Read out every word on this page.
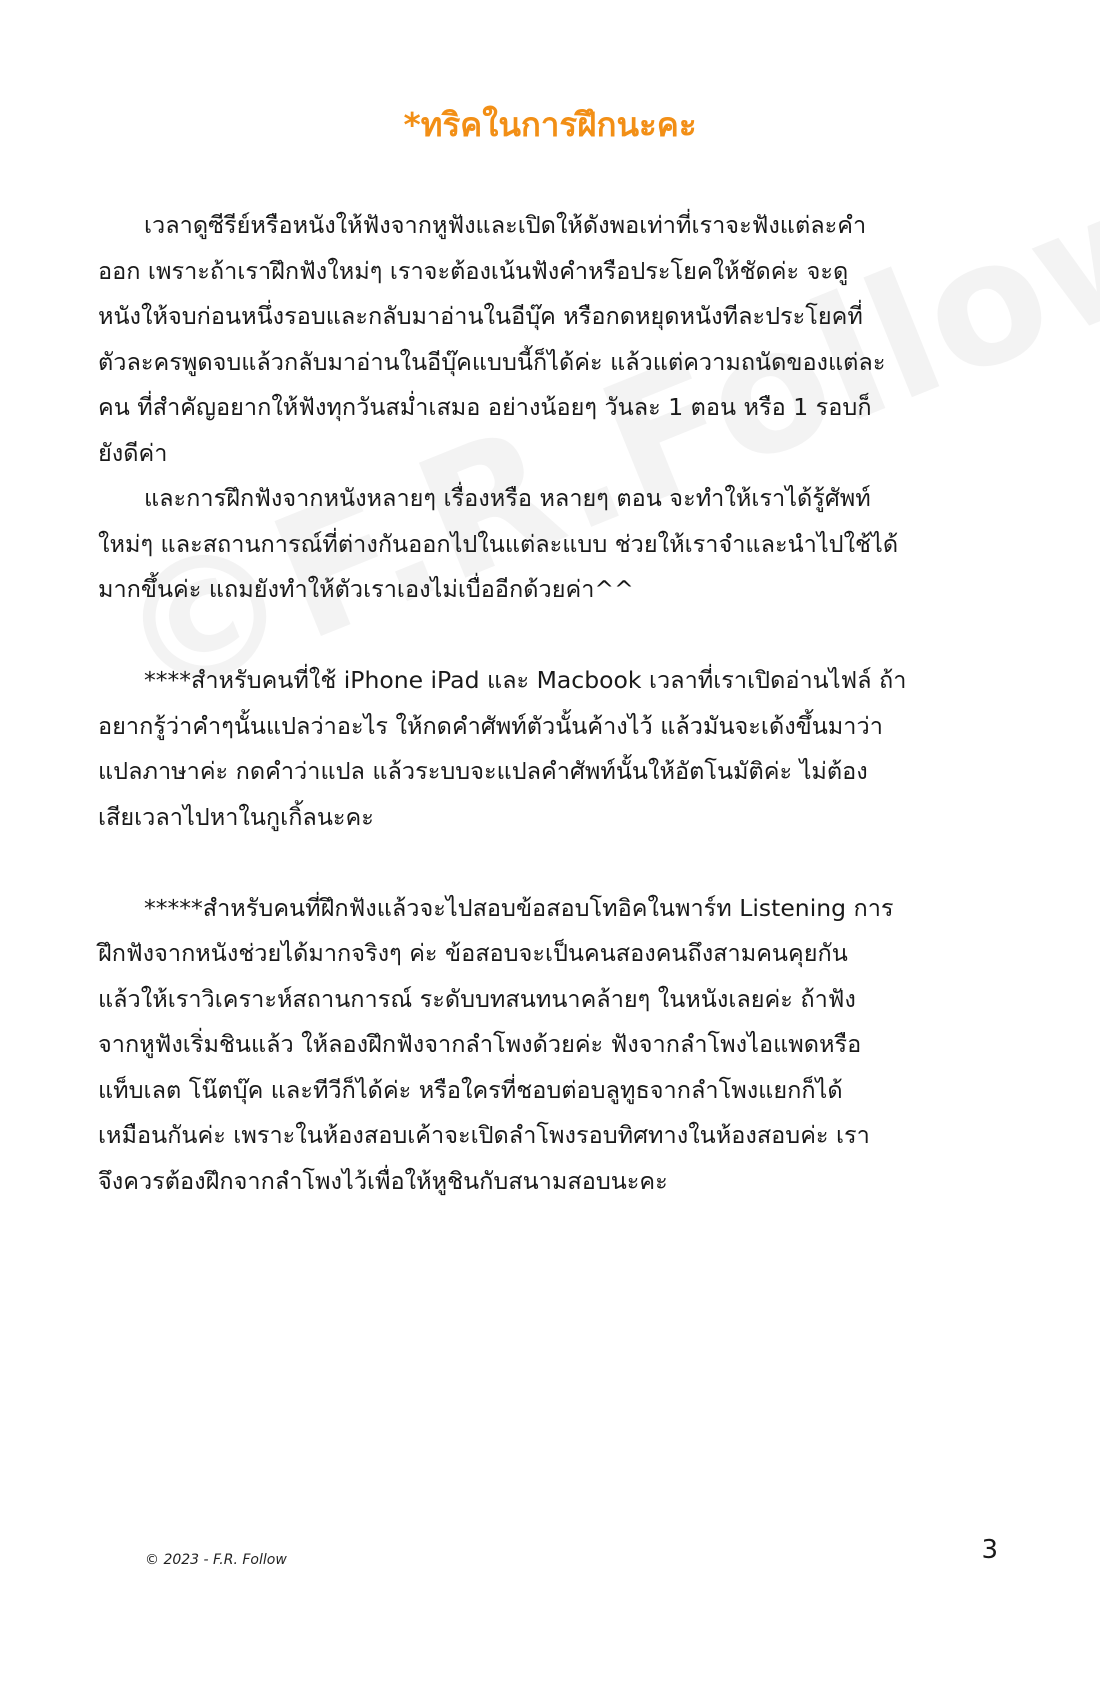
*ทริคในการฝึกนะคะ
เวลาดูซีรีย์หรือหนังให้ฟังจากหูฟังและเปิดให้ดังพอเท่าที่เราจะฟังแต่ละคำ
ออก เพราะถ้าเราฝึกฟังใหม่ๆ เราจะต้องเน้นฟังคำหรือประโยคให้ชัดค่ะ จะดู
หนังให้จบก่อนหนึ่งรอบและกลับมาอ่านในอีบุ๊ค หรือกดหยุดหนังทีละประโยคที่
ตัวละครพูดจบแล้วกลับมาอ่านในอีบุ๊คแบบนี้ก็ได้ค่ะ แล้วแต่ความถนัดของแต่ละ
คน ที่สำคัญอยากให้ฟังทุกวันสม่ำเสมอ อย่างน้อยๆ วันละ 1 ตอน หรือ 1 รอบก็
ยังดีค่า
และการฝึกฟังจากหนังหลายๆ เรื่องหรือ หลายๆ ตอน จะทำให้เราได้รู้ศัพท์
ใหม่ๆ และสถานการณ์ที่ต่างกันออกไปในแต่ละแบบ ช่วยให้เราจำและนำไปใช้ได้
มากขึ้นค่ะ แถมยังทำให้ตัวเราเองไม่เบื่ออีกด้วยค่า^^
****สำหรับคนที่ใช้ iPhone iPad และ Macbook เวลาที่เราเปิดอ่านไฟล์ ถ้า
อยากรู้ว่าคำๆนั้นแปลว่าอะไร ให้กดคำศัพท์ตัวนั้นค้างไว้ แล้วมันจะเด้งขึ้นมาว่า
แปลภาษาค่ะ กดคำว่าแปล แล้วระบบจะแปลคำศัพท์นั้นให้อัตโนมัติค่ะ ไม่ต้อง
เสียเวลาไปหาในกูเกิ้ลนะคะ
*****สำหรับคนที่ฝึกฟังแล้วจะไปสอบข้อสอบโทอิคในพาร์ท Listening การ
ฝึกฟังจากหนังช่วยได้มากจริงๆ ค่ะ ข้อสอบจะเป็นคนสองคนถึงสามคนคุยกัน
แล้วให้เราวิเคราะห์สถานการณ์ ระดับบทสนทนาคล้ายๆ ในหนังเลยค่ะ ถ้าฟัง
จากหูฟังเริ่มชินแล้ว ให้ลองฝึกฟังจากลำโพงด้วยค่ะ ฟังจากลำโพงไอแพดหรือ
แท็บเลต โน๊ตบุ๊ค และทีวีก็ได้ค่ะ หรือใครที่ชอบต่อบลูทูธจากลำโพงแยกก็ได้
เหมือนกันค่ะ เพราะในห้องสอบเค้าจะเปิดลำโพงรอบทิศทางในห้องสอบค่ะ เรา
จึงควรต้องฝึกจากลำโพงไว้เพื่อให้หูชินกับสนามสอบนะคะ
© 2023 - F.R. Follow	3
